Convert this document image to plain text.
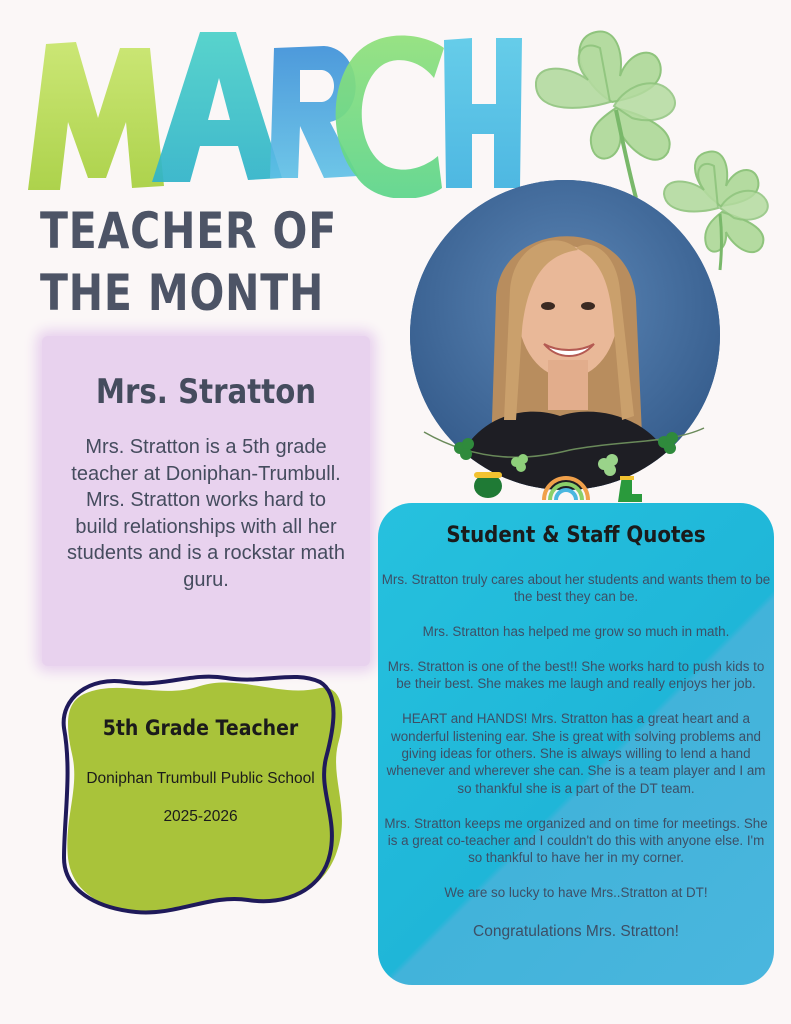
TEACHER OF
THE MONTH
Mrs. Stratton
Mrs. Stratton is a 5th grade teacher at Doniphan-Trumbull. Mrs. Stratton works hard to build relationships with all her students and is a rockstar math guru.
5th Grade Teacher
Doniphan Trumbull Public School
2025-2026
Student & Staff Quotes

Mrs. Stratton truly cares about her students and wants them to be the best they can be.

Mrs. Stratton has helped me grow so much in math.

Mrs. Stratton is one of the best!! She works hard to push kids to be their best. She makes me laugh and really enjoys her job.

HEART and HANDS! Mrs. Stratton has a great heart and a wonderful listening ear. She is great with solving problems and giving ideas for others. She is always willing to lend a hand whenever and wherever she can. She is a team player and I am so thankful she is a part of the DT team.

Mrs. Stratton keeps me organized and on time for meetings. She is a great co-teacher and I couldn't do this with anyone else. I'm so thankful to have her in my corner.

We are so lucky to have Mrs..Stratton at DT!

Congratulations Mrs. Stratton!
